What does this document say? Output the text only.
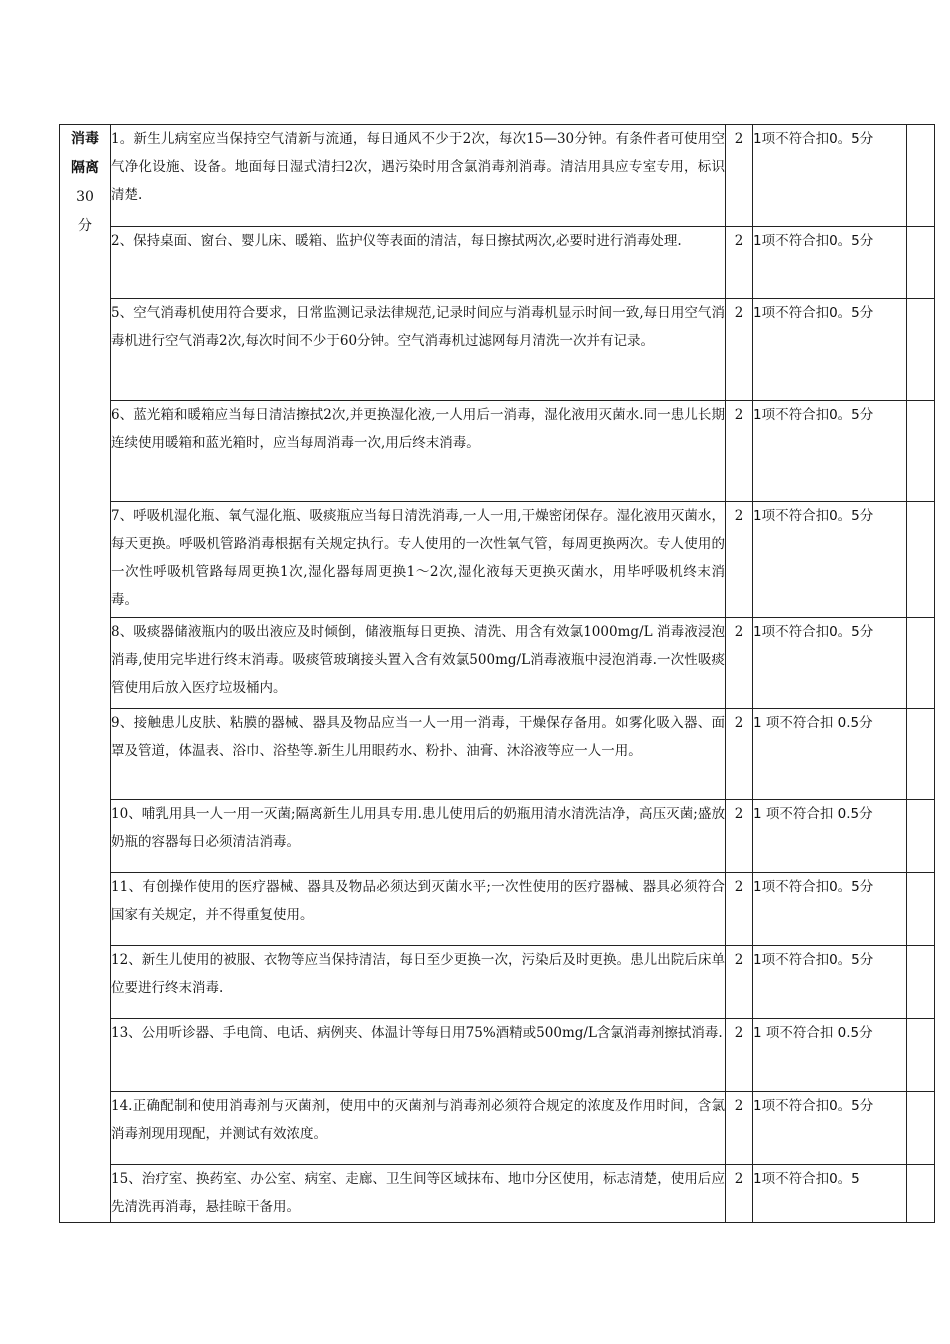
消毒
隔离
30
分	1。新生儿病室应当保持空气清新与流通，每日通风不少于2次，每次15—30分钟。有条件者可使用空气净化设施、设备。地面每日湿式清扫2次，遇污染时用含氯消毒剂消毒。清洁用具应专室专用，标识清楚.	2	1项不符合扣0。5分	
	2、保持桌面、窗台、婴儿床、暖箱、监护仪等表面的清洁，每日擦拭两次,必要时进行消毒处理.	2	1项不符合扣0。5分	
	5、空气消毒机使用符合要求，日常监测记录法律规范,记录时间应与消毒机显示时间一致,每日用空气消毒机进行空气消毒2次,每次时间不少于60分钟。空气消毒机过滤网每月清洗一次并有记录。	2	1项不符合扣0。5分	
	6、蓝光箱和暖箱应当每日清洁擦拭2次,并更换湿化液,一人用后一消毒，湿化液用灭菌水.同一患儿长期连续使用暖箱和蓝光箱时，应当每周消毒一次,用后终末消毒。	2	1项不符合扣0。5分	
	7、呼吸机湿化瓶、氧气湿化瓶、吸痰瓶应当每日清洗消毒,一人一用,干燥密闭保存。湿化液用灭菌水，每天更换。呼吸机管路消毒根据有关规定执行。专人使用的一次性氧气管，每周更换两次。专人使用的一次性呼吸机管路每周更换1次,湿化器每周更换1～2次,湿化液每天更换灭菌水，用毕呼吸机终末消毒。	2	1项不符合扣0。5分	
	8、吸痰器储液瓶内的吸出液应及时倾倒，储液瓶每日更换、清洗、用含有效氯1000mg/L 消毒液浸泡消毒,使用完毕进行终末消毒。吸痰管玻璃接头置入含有效氯500mg/L消毒液瓶中浸泡消毒.一次性吸痰管使用后放入医疗垃圾桶内。	2	1项不符合扣0。5分	
	9、接触患儿皮肤、粘膜的器械、器具及物品应当一人一用一消毒，干燥保存备用。如雾化吸入器、面罩及管道，体温表、浴巾、浴垫等.新生儿用眼药水、粉扑、油膏、沐浴液等应一人一用。	2	1 项不符合扣 0.5分	
	10、哺乳用具一人一用一灭菌;隔离新生儿用具专用.患儿使用后的奶瓶用清水清洗洁净，高压灭菌;盛放奶瓶的容器每日必须清洁消毒。	2	1 项不符合扣 0.5分	
	11、有创操作使用的医疗器械、器具及物品必须达到灭菌水平;一次性使用的医疗器械、器具必须符合国家有关规定，并不得重复使用。	2	1项不符合扣0。5分	
	12、新生儿使用的被服、衣物等应当保持清洁，每日至少更换一次，污染后及时更换。患儿出院后床单位要进行终末消毒.	2	1项不符合扣0。5分	
	13、公用听诊器、手电筒、电话、病例夹、体温计等每日用75%酒精或500mg/L含氯消毒剂擦拭消毒.	2	1 项不符合扣 0.5分	
	14.正确配制和使用消毒剂与灭菌剂，使用中的灭菌剂与消毒剂必须符合规定的浓度及作用时间，含氯消毒剂现用现配，并测试有效浓度。	2	1项不符合扣0。5分	
	15、治疗室、换药室、办公室、病室、走廊、卫生间等区域抹布、地巾分区使用，标志清楚，使用后应先清洗再消毒，悬挂晾干备用。	2	1项不符合扣0。5	
